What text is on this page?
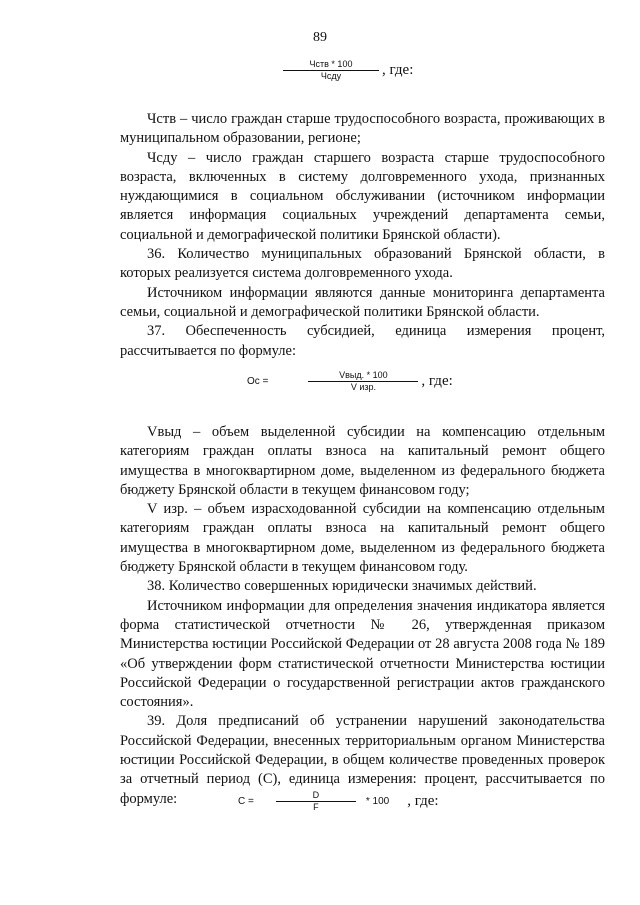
89
$\frac{\text{Чств * 100}}{\text{Чсду}}$ , где:

Чств – число граждан старше трудоспособного возраста, проживающих в муниципальном образовании, регионе;

Чсду – число граждан старшего возраста старше трудоспособного возраста, включенных в систему долговременного ухода, признанных нуждающимися в социальном обслуживании (источником информации является информация социальных учреждений департамента семьи, социальной и демографической политики Брянской области).

36. Количество муниципальных образований Брянской области, в которых реализуется система долговременного ухода.

Источником информации являются данные мониторинга департамента семьи, социальной и демографической политики Брянской области.

37. Обеспеченность субсидией, единица измерения процент, рассчитывается по формуле:

Ос =	$\frac{\text{Vвыд. * 100}}{\text{V изр.}}$ , где:

Vвыд – объем выделенной субсидии на компенсацию отдельным категориям граждан оплаты взноса на капитальный ремонт общего имущества в многоквартирном доме, выделенном из федерального бюджета бюджету Брянской области в текущем финансовом году;

V изр. – объем израсходованной субсидии на компенсацию отдельным категориям граждан оплаты взноса на капитальный ремонт общего имущества в многоквартирном доме, выделенном из федерального бюджета бюджету Брянской области в текущем финансовом году.

38. Количество совершенных юридически значимых действий.

Источником информации для определения значения индикатора является форма статистической отчетности № 26, утвержденная приказом Министерства юстиции Российской Федерации от 28 августа 2008 года № 189 «Об утверждении форм статистической отчетности Министерства юстиции Российской Федерации о государственной регистрации актов гражданского состояния».

39. Доля предписаний об устранении нарушений законодательства Российской Федерации, внесенных территориальным органом Министерства юстиции Российской Федерации, в общем количестве проведенных проверок за отчетный период (С), единица измерения: процент, рассчитывается по формуле:	$С = \frac{D}{F} * 100$ , где:
